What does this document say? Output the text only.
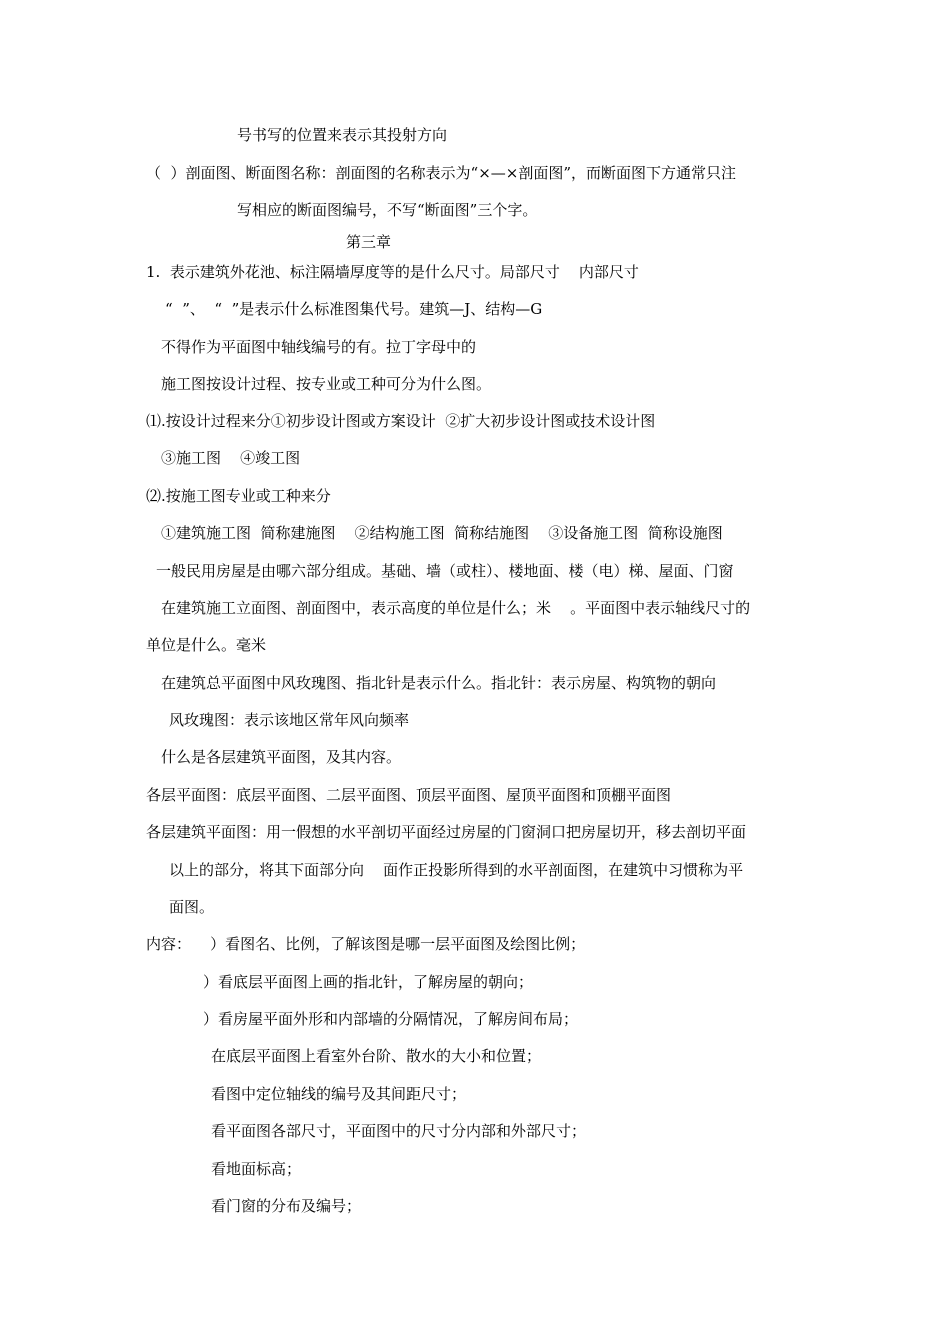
号书写的位置来表示其投射方向
（  ）剖面图、断面图名称：剖面图的名称表示为“×—×剖面图”，而断面图下方通常只注
写相应的断面图编号，不写“断面图”三个字。
第三章
1.  表示建筑外花池、标注隔墙厚度等的是什么尺寸。局部尺寸    内部尺寸
“  ”、  “  ”是表示什么标准图集代号。建筑—J、结构—G
不得作为平面图中轴线编号的有。拉丁字母中的
施工图按设计过程、按专业或工种可分为什么图。
⑴.按设计过程来分①初步设计图或方案设计  ②扩大初步设计图或技术设计图
③施工图    ④竣工图
⑵.按施工图专业或工种来分
①建筑施工图  简称建施图    ②结构施工图  简称结施图    ③设备施工图  简称设施图
一般民用房屋是由哪六部分组成。基础、墙（或柱）、楼地面、楼（电）梯、屋面、门窗
在建筑施工立面图、剖面图中，表示高度的单位是什么；米    。平面图中表示轴线尺寸的
单位是什么。毫米
在建筑总平面图中风玫瑰图、指北针是表示什么。指北针：表示房屋、构筑物的朝向
风玫瑰图：表示该地区常年风向频率
什么是各层建筑平面图，及其内容。
各层平面图：底层平面图、二层平面图、顶层平面图、屋顶平面图和顶棚平面图
各层建筑平面图：用一假想的水平剖切平面经过房屋的门窗洞口把房屋切开，移去剖切平面
以上的部分，将其下面部分向    面作正投影所得到的水平剖面图，在建筑中习惯称为平
面图。
内容：    ）看图名、比例，了解该图是哪一层平面图及绘图比例；
）看底层平面图上画的指北针，了解房屋的朝向；
）看房屋平面外形和内部墙的分隔情况，了解房间布局；
在底层平面图上看室外台阶、散水的大小和位置；
看图中定位轴线的编号及其间距尺寸；
看平面图各部尺寸，平面图中的尺寸分内部和外部尺寸；
看地面标高；
看门窗的分布及编号；
